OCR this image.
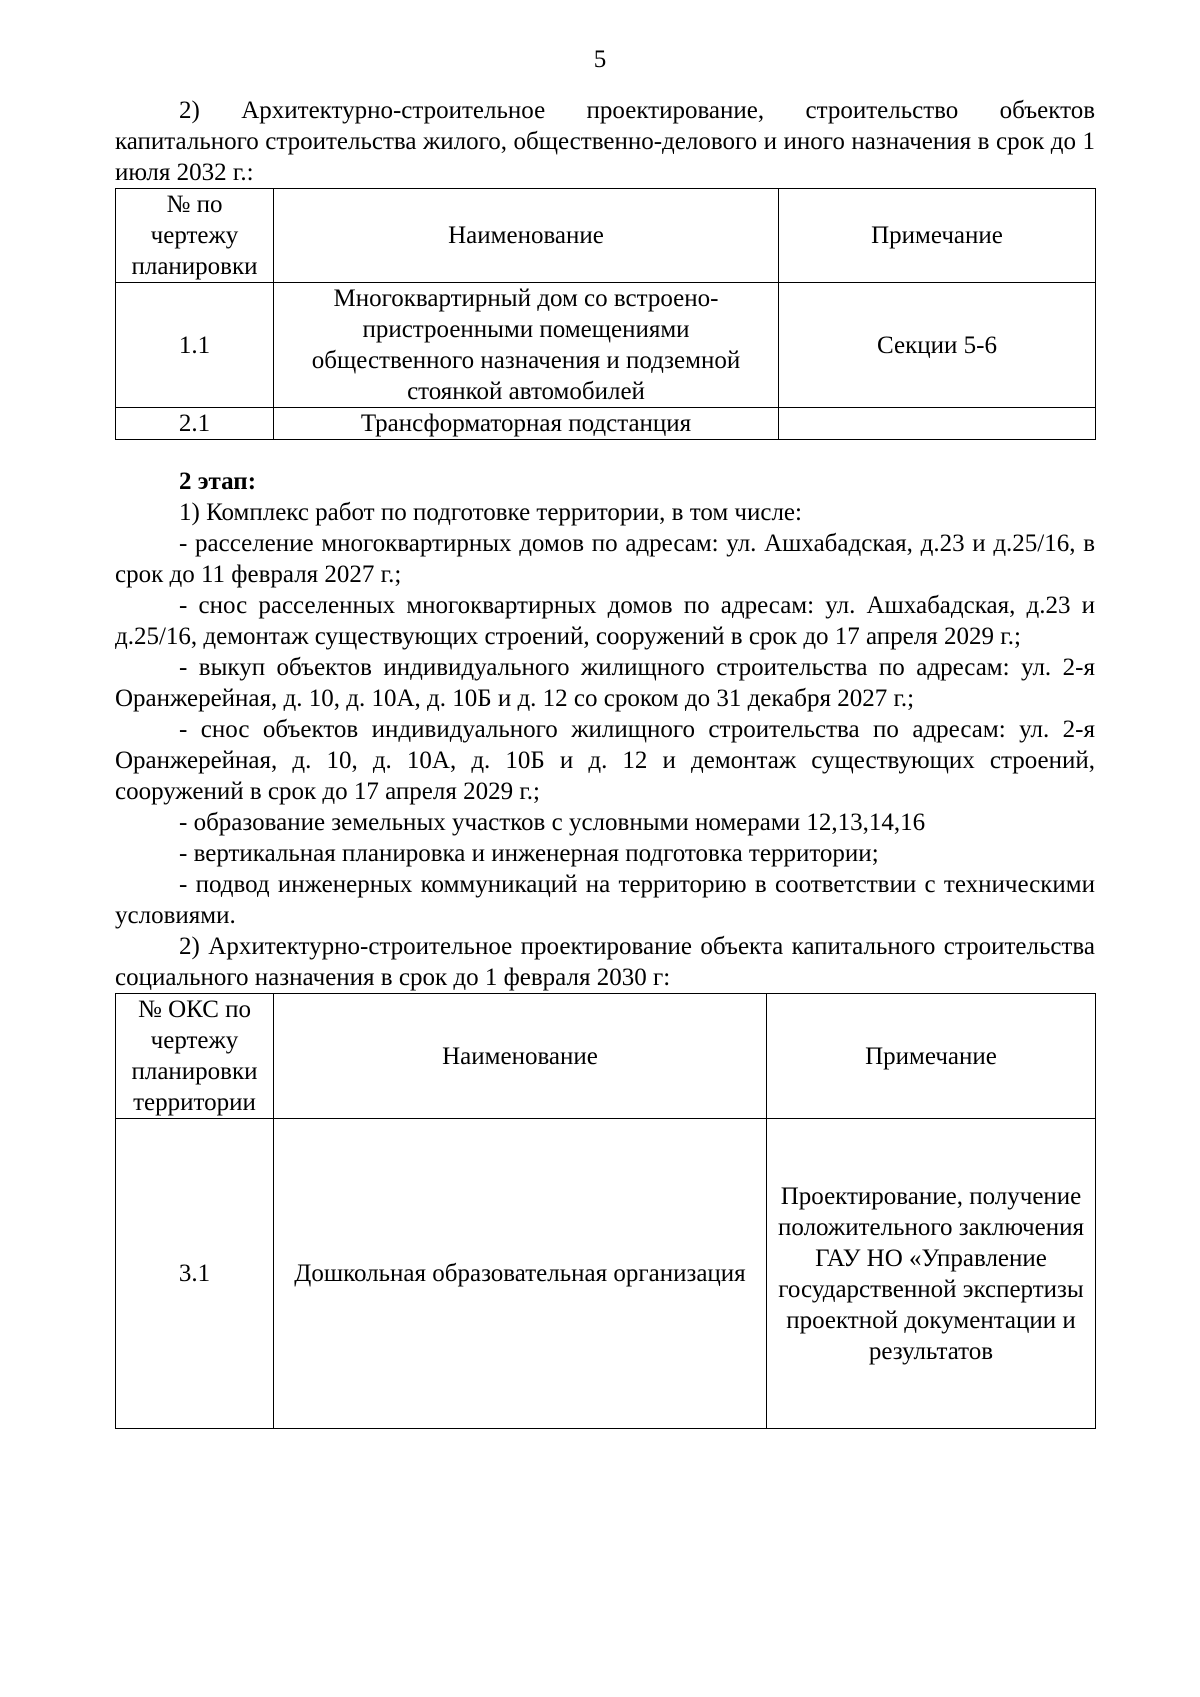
5

2) Архитектурно-строительное проектирование, строительство объектов капитального строительства жилого, общественно-делового и иного назначения в срок до 1 июля 2032 г.:

№ по чертежу планировки	Наименование	Примечание
1.1	Многоквартирный дом со встроено-пристроенными помещениями общественного назначения и подземной стоянкой автомобилей	Секции 5-6
2.1	Трансформаторная подстанция	

2 этап:

1) Комплекс работ по подготовке территории, в том числе:

- расселение многоквартирных домов по адресам: ул. Ашхабадская, д.23 и д.25/16, в срок до 11 февраля 2027 г.;

- снос расселенных многоквартирных домов по адресам: ул. Ашхабадская, д.23 и д.25/16, демонтаж существующих строений, сооружений в срок до 17 апреля 2029 г.;

- выкуп объектов индивидуального жилищного строительства по адресам: ул. 2-я Оранжерейная, д. 10, д. 10А, д. 10Б и д. 12 со сроком до 31 декабря 2027 г.;

- снос объектов индивидуального жилищного строительства по адресам: ул. 2-я Оранжерейная, д. 10, д. 10А, д. 10Б и д. 12 и демонтаж существующих строений, сооружений в срок до 17 апреля 2029 г.;

- образование земельных участков с условными номерами 12,13,14,16

- вертикальная планировка и инженерная подготовка территории;

- подвод инженерных коммуникаций на территорию в соответствии с техническими условиями.

2) Архитектурно-строительное проектирование объекта капитального строительства социального назначения в срок до 1 февраля 2030 г:

№ ОКС по чертежу планировки территории	Наименование	Примечание
3.1	Дошкольная образовательная организация	Проектирование, получение положительного заключения ГАУ НО «Управление государственной экспертизы проектной документации и результатов
